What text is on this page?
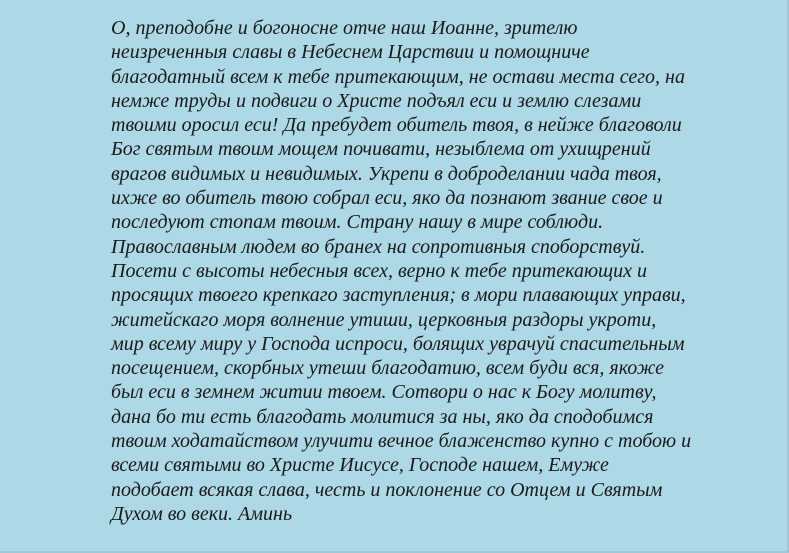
О, преподобне и богоносне отче наш Иоанне, зрителю
неизреченныя славы в Небеснем Царствии и помощниче
благодатный всем к тебе притекающим, не остави места сего, на
немже труды и подвиги о Христе подъял еси и землю слезами
твоими оросил еси! Да пребудет обитель твоя, в нейже благоволи
Бог святым твоим мощем почивати, незыблема от ухищрений
врагов видимых и невидимых. Укрепи в доброделании чада твоя,
ихже во обитель твою собрал еси, яко да познают звание свое и
последуют стопам твоим. Страну нашу в мире соблюди.
Православным людем во бранех на сопротивныя споборствуй.
Посети с высоты небесныя всех, верно к тебе притекающих и
просящих твоего крепкаго заступления; в мори плавающих управи,
житейскаго моря волнение утиши, церковныя раздоры укроти,
мир всему миру у Господа испроси, болящих уврачуй спасительным
посещением, скорбных утеши благодатию, всем буди вся, якоже
был еси в земнем житии твоем. Сотвори о нас к Богу молитву,
дана бо ти есть благодать молитися за ны, яко да сподобимся
твоим ходатайством улучити вечное блаженство купно с тобою и
всеми святыми во Христе Иисусе, Господе нашем, Емуже
подобает всякая слава, честь и поклонение со Отцем и Святым
Духом во веки. Аминь
